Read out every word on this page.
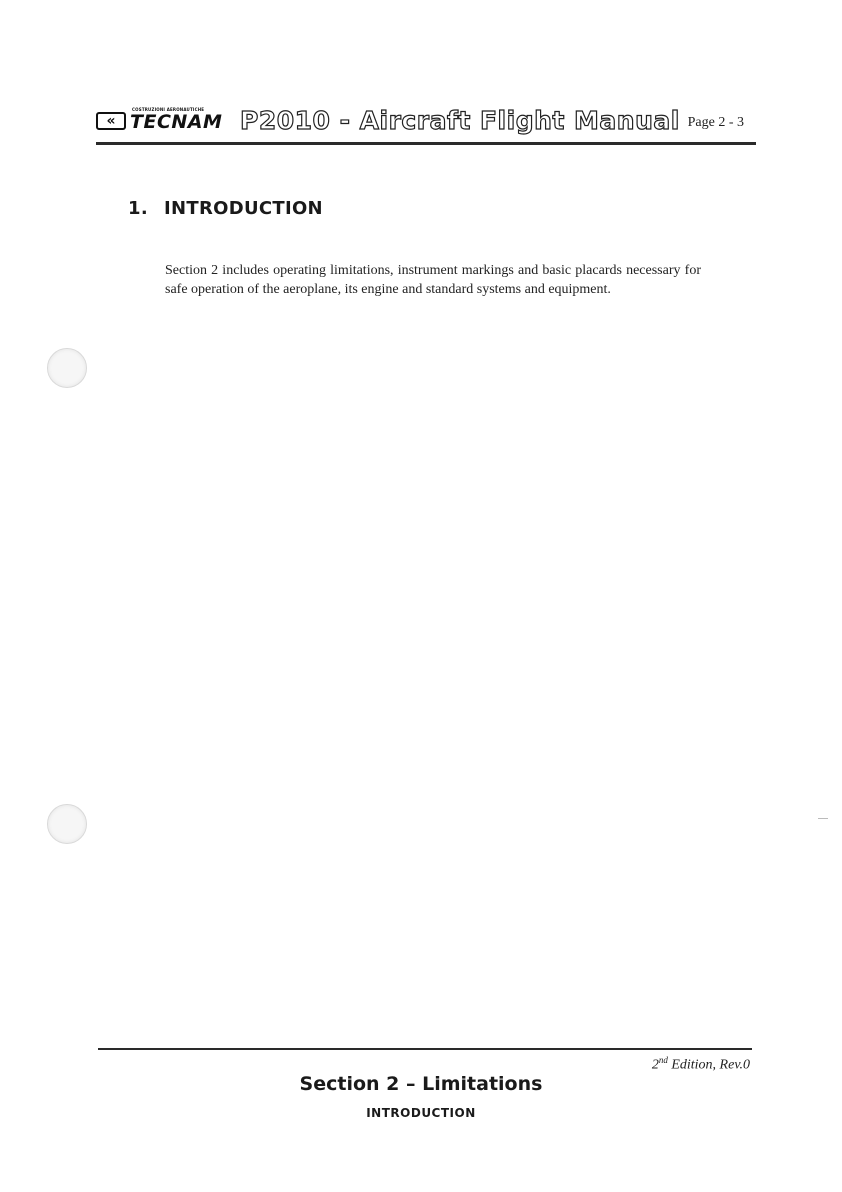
«
COSTRUZIONI AERONAUTICHE
TECNAM P2010 - Aircraft Flight Manual Page 2 - 3
1. INTRODUCTION

Section 2 includes operating limitations, instrument markings and basic placards necessary for safe operation of the aeroplane, its engine and standard systems and equipment.

2nd Edition, Rev.0
Section 2 – Limitations
INTRODUCTION
